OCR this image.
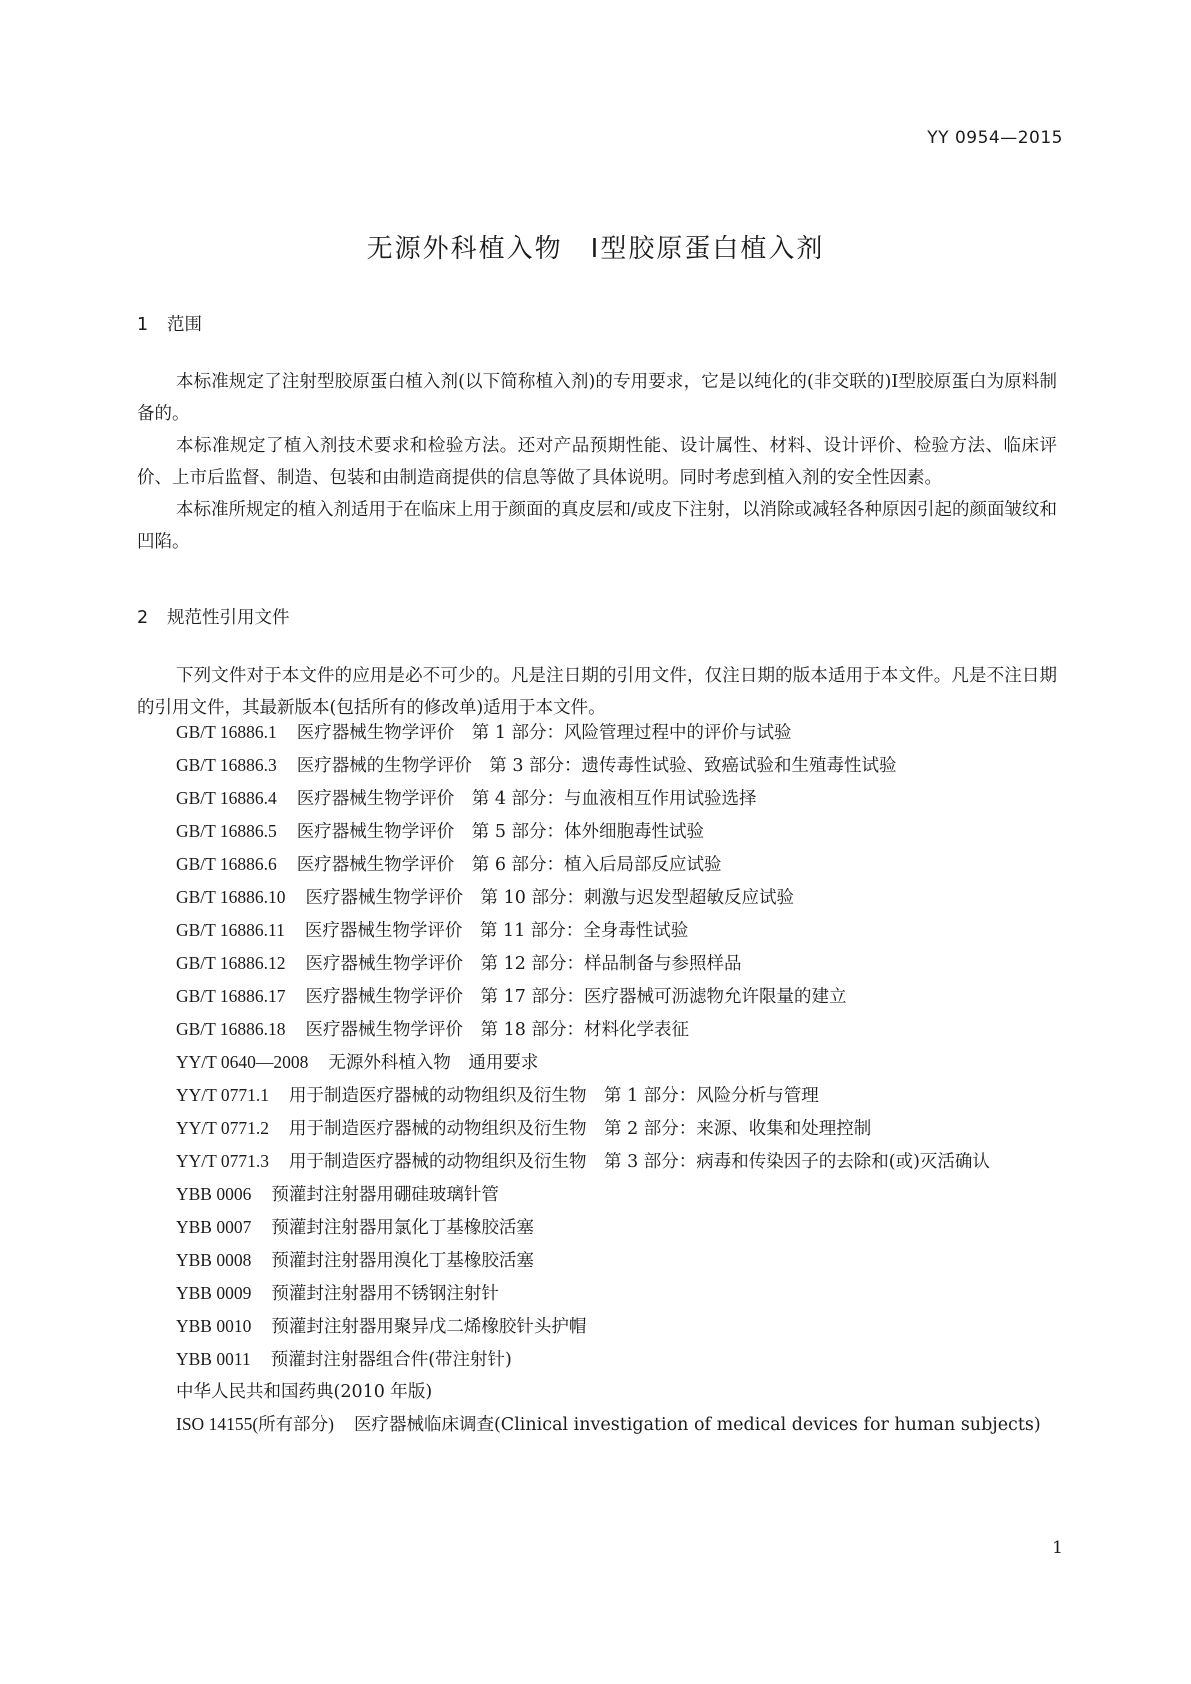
YY 0954—2015
无源外科植入物　Ⅰ型胶原蛋白植入剂
1 范围

本标准规定了注射型胶原蛋白植入剂(以下简称植入剂)的专用要求，它是以纯化的(非交联的)Ⅰ型胶原蛋白为原料制备的。

本标准规定了植入剂技术要求和检验方法。还对产品预期性能、设计属性、材料、设计评价、检验方法、临床评价、上市后监督、制造、包装和由制造商提供的信息等做了具体说明。同时考虑到植入剂的安全性因素。

本标准所规定的植入剂适用于在临床上用于颜面的真皮层和/或皮下注射，以消除或减轻各种原因引起的颜面皱纹和凹陷。

2 规范性引用文件

下列文件对于本文件的应用是必不可少的。凡是注日期的引用文件，仅注日期的版本适用于本文件。凡是不注日期的引用文件，其最新版本(包括所有的修改单)适用于本文件。

GB/T 16886.1 医疗器械生物学评价　第 1 部分：风险管理过程中的评价与试验
GB/T 16886.3 医疗器械的生物学评价　第 3 部分：遗传毒性试验、致癌试验和生殖毒性试验
GB/T 16886.4 医疗器械生物学评价　第 4 部分：与血液相互作用试验选择
GB/T 16886.5 医疗器械生物学评价　第 5 部分：体外细胞毒性试验
GB/T 16886.6 医疗器械生物学评价　第 6 部分：植入后局部反应试验
GB/T 16886.10 医疗器械生物学评价　第 10 部分：刺激与迟发型超敏反应试验
GB/T 16886.11 医疗器械生物学评价　第 11 部分：全身毒性试验
GB/T 16886.12 医疗器械生物学评价　第 12 部分：样品制备与参照样品
GB/T 16886.17 医疗器械生物学评价　第 17 部分：医疗器械可沥滤物允许限量的建立
GB/T 16886.18 医疗器械生物学评价　第 18 部分：材料化学表征
YY/T 0640—2008 无源外科植入物　通用要求
YY/T 0771.1 用于制造医疗器械的动物组织及衍生物　第 1 部分：风险分析与管理
YY/T 0771.2 用于制造医疗器械的动物组织及衍生物　第 2 部分：来源、收集和处理控制
YY/T 0771.3 用于制造医疗器械的动物组织及衍生物　第 3 部分：病毒和传染因子的去除和(或)灭活确认
YBB 0006 预灌封注射器用硼硅玻璃针管
YBB 0007 预灌封注射器用氯化丁基橡胶活塞
YBB 0008 预灌封注射器用溴化丁基橡胶活塞
YBB 0009 预灌封注射器用不锈钢注射针
YBB 0010 预灌封注射器用聚异戊二烯橡胶针头护帽
YBB 0011 预灌封注射器组合件(带注射针)
中华人民共和国药典(2010 年版)
ISO 14155(所有部分) 医疗器械临床调查(Clinical investigation of medical devices for human subjects)
1
